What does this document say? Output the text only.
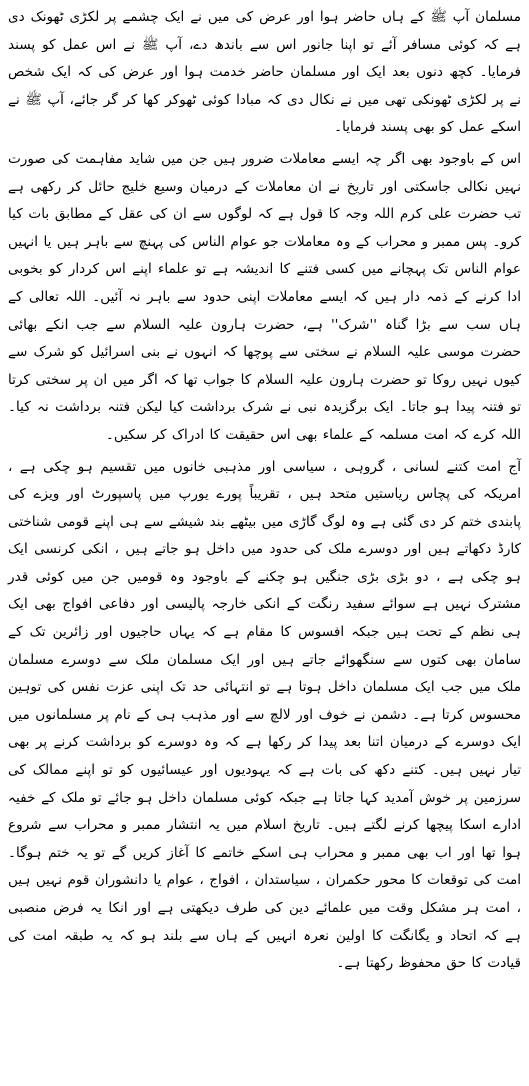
مسلمان آپ ﷺ کے ہاں حاضر ہوا اور عرض کی میں نے ایک چشمے پر لکڑی ٹھونک دی ہے کہ کوئی مسافر آئے تو اپنا جانور اس سے باندھ دے، آپ ﷺ نے اس عمل کو پسند فرمایا۔ کچھ دنوں بعد ایک اور مسلمان حاضر خدمت ہوا اور عرض کی کہ ایک شخص نے پر لکڑی ٹھونکی تھی میں نے نکال دی کہ مبادا کوئی ٹھوکر کھا کر گر جائے، آپ ﷺ نے اسکے عمل کو بھی پسند فرمایا۔

اس کے باوجود بھی اگر چہ ایسے معاملات ضرور ہیں جن میں شاید مفاہمت کی صورت نہیں نکالی جاسکتی اور تاریخ نے ان معاملات کے درمیان وسیع خلیج حائل کر رکھی ہے تب حضرت علی کرم اللہ وجہ کا قول ہے کہ لوگوں سے ان کی عقل کے مطابق بات کیا کرو۔ پس ممبر و محراب کے وہ معاملات جو عوام الناس کی پہنچ سے باہر ہیں یا انہیں عوام الناس تک پہچانے میں کسی فتنے کا اندیشہ ہے تو علماء اپنے اس کردار کو بخوبی ادا کرنے کے ذمہ دار ہیں کہ ایسے معاملات اپنی حدود سے باہر نہ آئیں۔ اللہ تعالی کے ہاں سب سے بڑا گناہ ''شرک'' ہے، حضرت ہارون علیہ السلام سے جب انکے بھائی حضرت موسی علیہ السلام نے سختی سے پوچھا کہ انہوں نے بنی اسرائیل کو شرک سے کیوں نہیں روکا تو حضرت ہارون علیہ السلام کا جواب تھا کہ اگر میں ان پر سختی کرتا تو فتنہ پیدا ہو جاتا۔ ایک برگزیدہ نبی نے شرک برداشت کیا لیکن فتنہ برداشت نہ کیا۔ اللہ کرے کہ امت مسلمہ کے علماء بھی اس حقیقت کا ادراک کر سکیں۔

آج امت کتنے لسانی ، گروہی ، سیاسی اور مذہبی خانوں میں تقسیم ہو چکی ہے ، امریکہ کی پچاس ریاستیں متحد ہیں ، تقریباً پورے یورپ میں پاسپورٹ اور ویزے کی پابندی ختم کر دی گئی ہے وہ لوگ گاڑی میں بیٹھے بند شیشے سے ہی اپنے قومی شناختی کارڈ دکھاتے ہیں اور دوسرے ملک کی حدود میں داخل ہو جاتے ہیں ، انکی کرنسی ایک ہو چکی ہے ، دو بڑی بڑی جنگیں ہو چکنے کے باوجود وہ قومیں جن میں کوئی قدر مشترک نہیں ہے سوائے سفید رنگت کے انکی خارجہ پالیسی اور دفاعی افواج بھی ایک ہی نظم کے تحت ہیں جبکہ افسوس کا مقام ہے کہ یہاں حاجیوں اور زائرین تک کے سامان بھی کتوں سے سنگھوائے جاتے ہیں اور ایک مسلمان ملک سے دوسرے مسلمان ملک میں جب ایک مسلمان داخل ہوتا ہے تو انتہائی حد تک اپنی عزت نفس کی توہین محسوس کرتا ہے۔ دشمن نے خوف اور لالچ سے اور مذہب ہی کے نام پر مسلمانوں میں ایک دوسرے کے درمیان اتنا بعد پیدا کر رکھا ہے کہ وہ دوسرے کو برداشت کرنے پر بھی تیار نہیں ہیں۔ کتنے دکھ کی بات ہے کہ یہودیوں اور عیسائیوں کو تو اپنے ممالک کی سرزمین پر خوش آمدید کہا جاتا ہے جبکہ کوئی مسلمان داخل ہو جائے تو ملک کے خفیہ ادارے اسکا پیچھا کرنے لگتے ہیں۔ تاریخ اسلام میں یہ انتشار ممبر و محراب سے شروع ہوا تھا اور اب بھی ممبر و محراب ہی اسکے خاتمے کا آغاز کریں گے تو یہ ختم ہوگا۔ امت کی توقعات کا محور حکمران ، سیاستدان ، افواج ، عوام یا دانشوران قوم نہیں ہیں ، امت ہر مشکل وقت میں علمائے دین کی طرف دیکھتی ہے اور انکا یہ فرض منصبی ہے کہ اتحاد و یگانگت کا اولین نعرہ انہیں کے ہاں سے بلند ہو کہ یہ طبقہ امت کی قیادت کا حق محفوظ رکھتا ہے۔
